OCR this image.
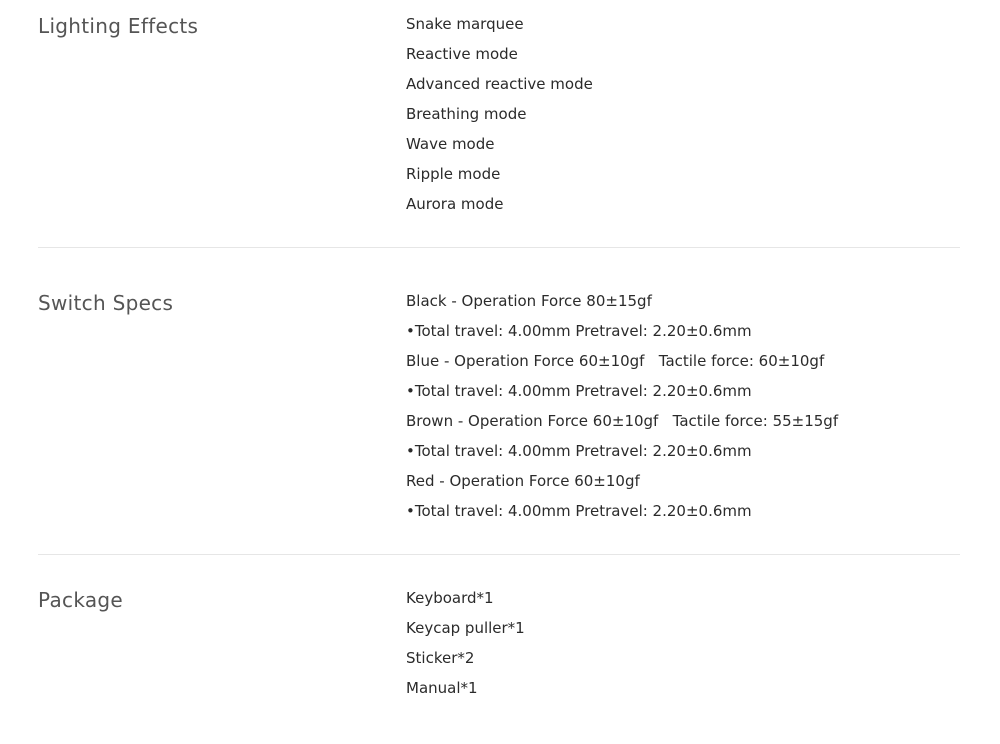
Lighting Effects	Snake marquee
Reactive mode
Advanced reactive mode
Breathing mode
Wave mode
Ripple mode
Aurora mode
Switch Specs	Black - Operation Force 80±15gf
•Total travel: 4.00mm Pretravel: 2.20±0.6mm
Blue - Operation Force 60±10gf   Tactile force: 60±10gf
•Total travel: 4.00mm Pretravel: 2.20±0.6mm
Brown - Operation Force 60±10gf   Tactile force: 55±15gf
•Total travel: 4.00mm Pretravel: 2.20±0.6mm
Red - Operation Force 60±10gf
•Total travel: 4.00mm Pretravel: 2.20±0.6mm
Package	Keyboard*1
Keycap puller*1
Sticker*2
Manual*1
